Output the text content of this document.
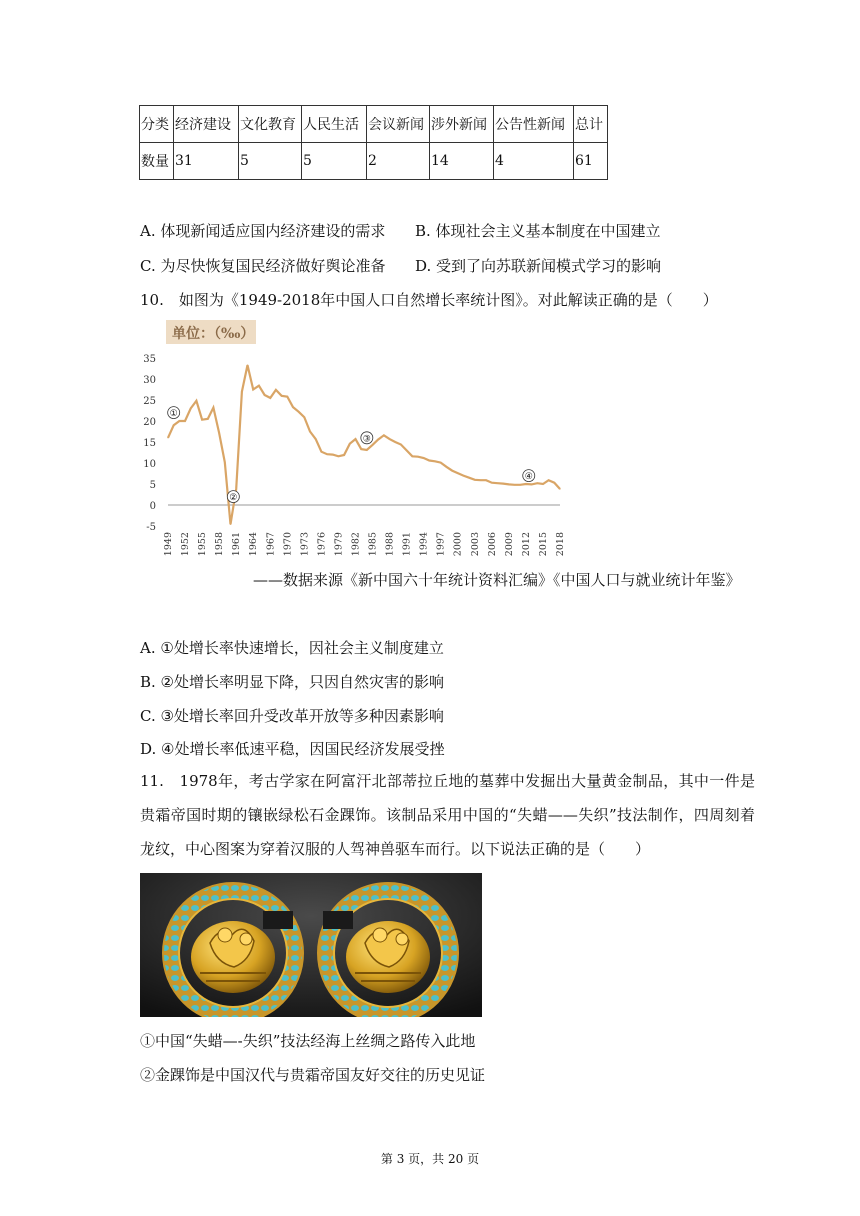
分类	经济建设	文化教育	人民生活	会议新闻	涉外新闻	公告性新闻	总计
数量	31	5	5	2	14	4	61
A. 体现新闻适应国内经济建设的需求 B. 体现社会主义基本制度在中国建立
C. 为尽快恢复国民经济做好舆论准备 D. 受到了向苏联新闻模式学习的影响
10.　如图为《1949-2018年中国人口自然增长率统计图》。对此解读正确的是（　　）
单位：（‰）
35
30
25
20
15
10
5
0
-5
1949 1952 1955 1958 1961 1964 1967 1970 1973 1976 1979 1982 1985 1988 1991 1994 1997 2000 2003 2006 2009 2012 2015 2018
①
②
③
④
——数据来源《新中国六十年统计资料汇编》《中国人口与就业统计年鉴》
A. ①处增长率快速增长，因社会主义制度建立
B. ②处增长率明显下降，只因自然灾害的影响
C. ③处增长率回升受改革开放等多种因素影响
D. ④处增长率低速平稳，因国民经济发展受挫
11.　1978年，考古学家在阿富汗北部蒂拉丘地的墓葬中发掘出大量黄金制品，其中一件是贵霜帝国时期的镶嵌绿松石金踝饰。该制品采用中国的“失蜡——失织”技法制作，四周刻着龙纹，中心图案为穿着汉服的人驾神兽驱车而行。以下说法正确的是（　　）
①中国“失蜡—-失织”技法经海上丝绸之路传入此地
②金踝饰是中国汉代与贵霜帝国友好交往的历史见证
第 3 页，共 20 页
